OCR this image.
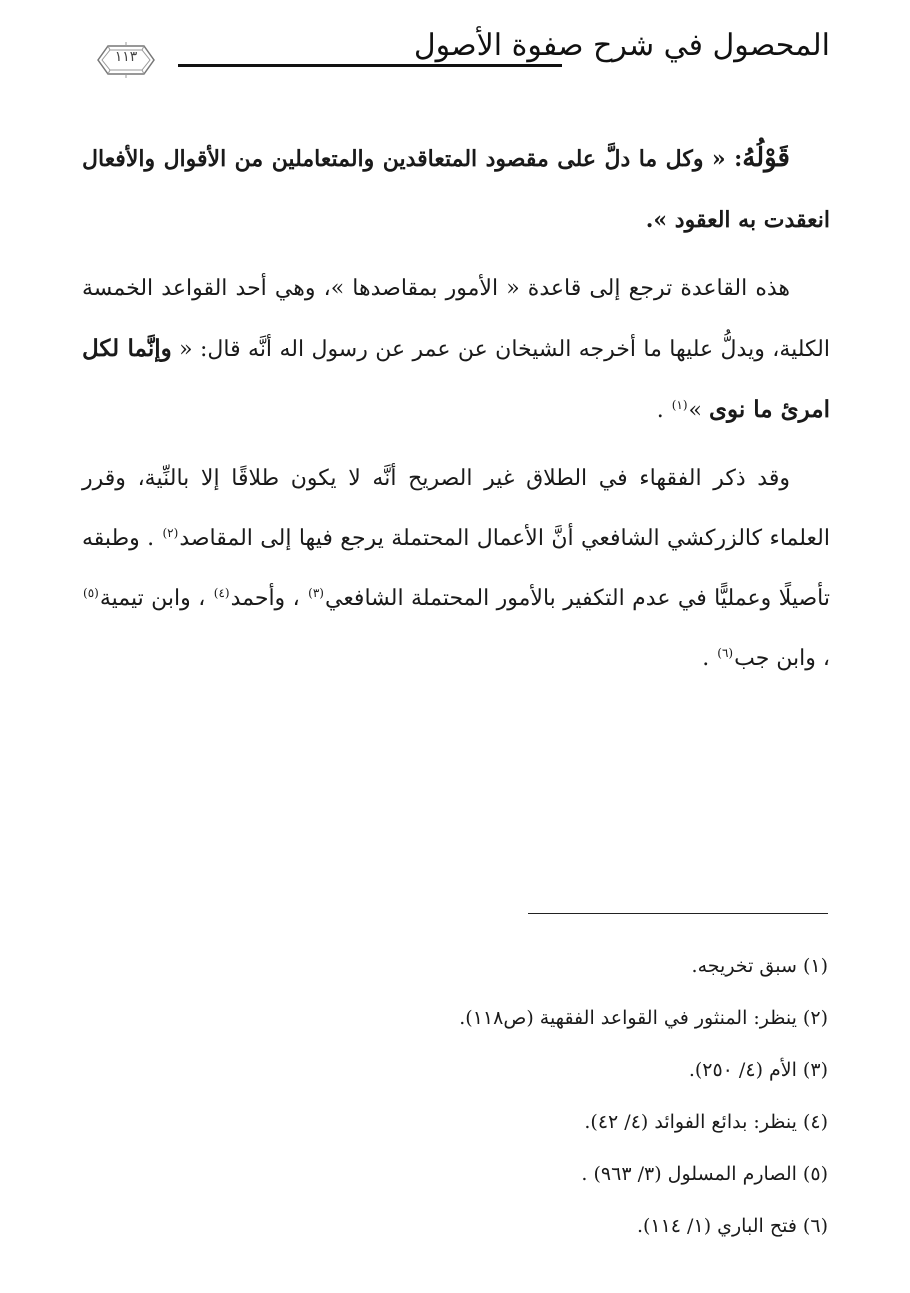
المحصول في شرح صفوة الأصول
١١٣

قَوْلُهُ: « وكل ما دلَّ على مقصود المتعاقدين والمتعاملين من الأقوال والأفعال انعقدت به العقود ».

هذه القاعدة ترجع إلى قاعدة « الأمور بمقاصدها »، وهي أحد القواعد الخمسة الكلية، ويدلُّ عليها ما أخرجه الشيخان عن عمر عن رسول اله أنَّه قال: « وإنَّما لكل امرئ ما نوى »$^{(١)}$ .

وقد ذكر الفقهاء في الطلاق غير الصريح أنَّه لا يكون طلاقًا إلا بالنِّية، وقرر العلماء كالزركشي الشافعي أنَّ الأعمال المحتملة يرجع فيها إلى المقاصد$^{(٢)}$ . وطبقه تأصيلًا وعمليًّا في عدم التكفير بالأمور المحتملة الشافعي$^{(٣)}$ ، وأحمد$^{(٤)}$ ، وابن تيمية$^{(٥)}$ ، وابن جب$^{(٦)}$ .

(١) سبق تخريجه.
(٢) ينظر: المنثور في القواعد الفقهية (ص١١٨).
(٣) الأم (٤/ ٢٥٠).
(٤) ينظر: بدائع الفوائد (٤/ ٤٢).
(٥) الصارم المسلول (٣/ ٩٦٣) .
(٦) فتح الباري (١/ ١١٤).
